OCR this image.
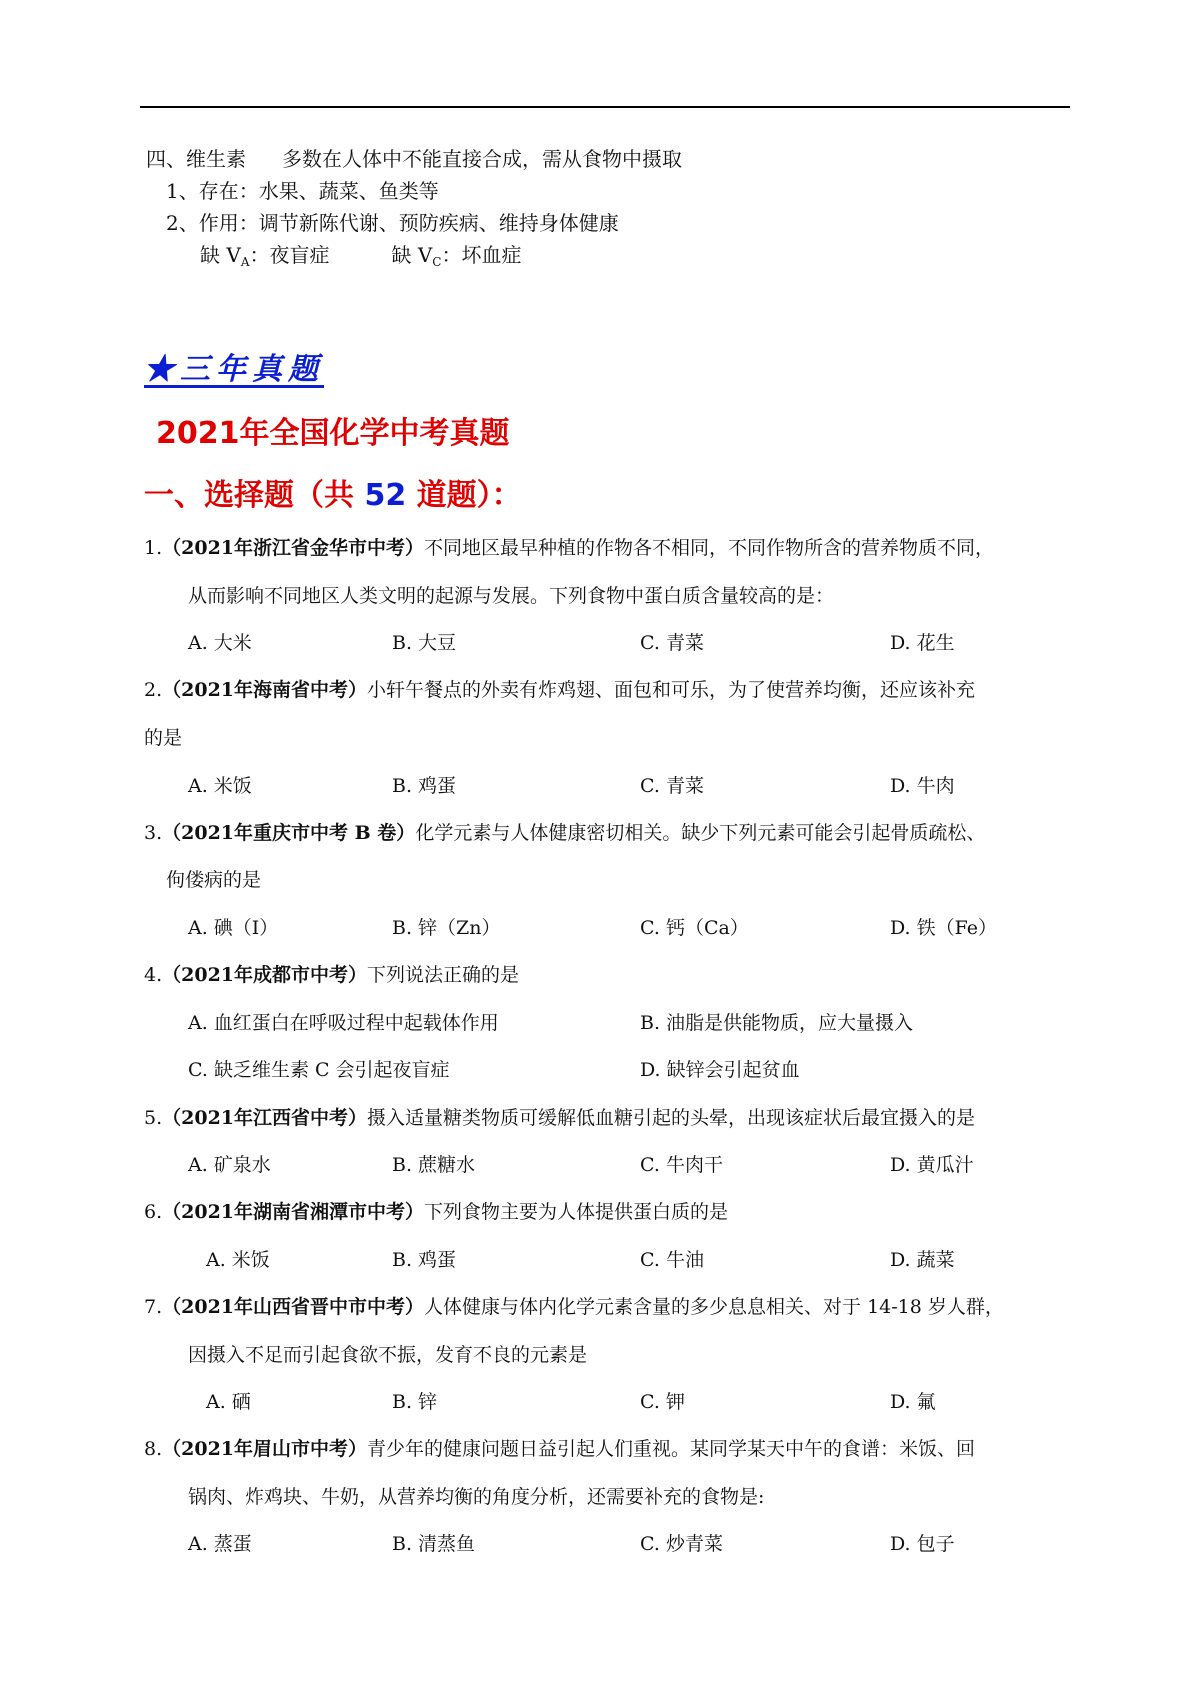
四、维生素 多数在人体中不能直接合成，需从食物中摄取
1、存在：水果、蔬菜、鱼类等
2、作用：调节新陈代谢、预防疾病、维持身体健康
缺 $V_A$：夜盲症	缺 $V_C$：坏血症
★三年真题
2021年全国化学中考真题
一、选择题（共 52 道题）：
1.（2021年浙江省金华市中考）不同地区最早种植的作物各不相同，不同作物所含的营养物质不同，
从而影响不同地区人类文明的起源与发展。下列食物中蛋白质含量较高的是：
A. 大米	B. 大豆	C. 青菜	D. 花生
2.（2021年海南省中考）小轩午餐点的外卖有炸鸡翅、面包和可乐，为了使营养均衡，还应该补充
的是
A. 米饭	B. 鸡蛋	C. 青菜	D. 牛肉
3.（2021年重庆市中考 B 卷）化学元素与人体健康密切相关。缺少下列元素可能会引起骨质疏松、
佝偻病的是
A. 碘（I）	B. 锌（Zn）	C. 钙（Ca）	D. 铁（Fe）
4.（2021年成都市中考）下列说法正确的是
A. 血红蛋白在呼吸过程中起载体作用	B. 油脂是供能物质，应大量摄入
C. 缺乏维生素 C 会引起夜盲症	D. 缺锌会引起贫血
5.（2021年江西省中考）摄入适量糖类物质可缓解低血糖引起的头晕，出现该症状后最宜摄入的是
A. 矿泉水	B. 蔗糖水	C. 牛肉干	D. 黄瓜汁
6.（2021年湖南省湘潭市中考）下列食物主要为人体提供蛋白质的是
A. 米饭	B. 鸡蛋	C. 牛油	D. 蔬菜
7.（2021年山西省晋中市中考）人体健康与体内化学元素含量的多少息息相关、对于 14-18 岁人群，
因摄入不足而引起食欲不振，发育不良的元素是
A. 硒	B. 锌	C. 钾	D. 氟
8.（2021年眉山市中考）青少年的健康问题日益引起人们重视。某同学某天中午的食谱：米饭、回
锅肉、炸鸡块、牛奶，从营养均衡的角度分析，还需要补充的食物是:
A. 蒸蛋	B. 清蒸鱼	C. 炒青菜	D. 包子
